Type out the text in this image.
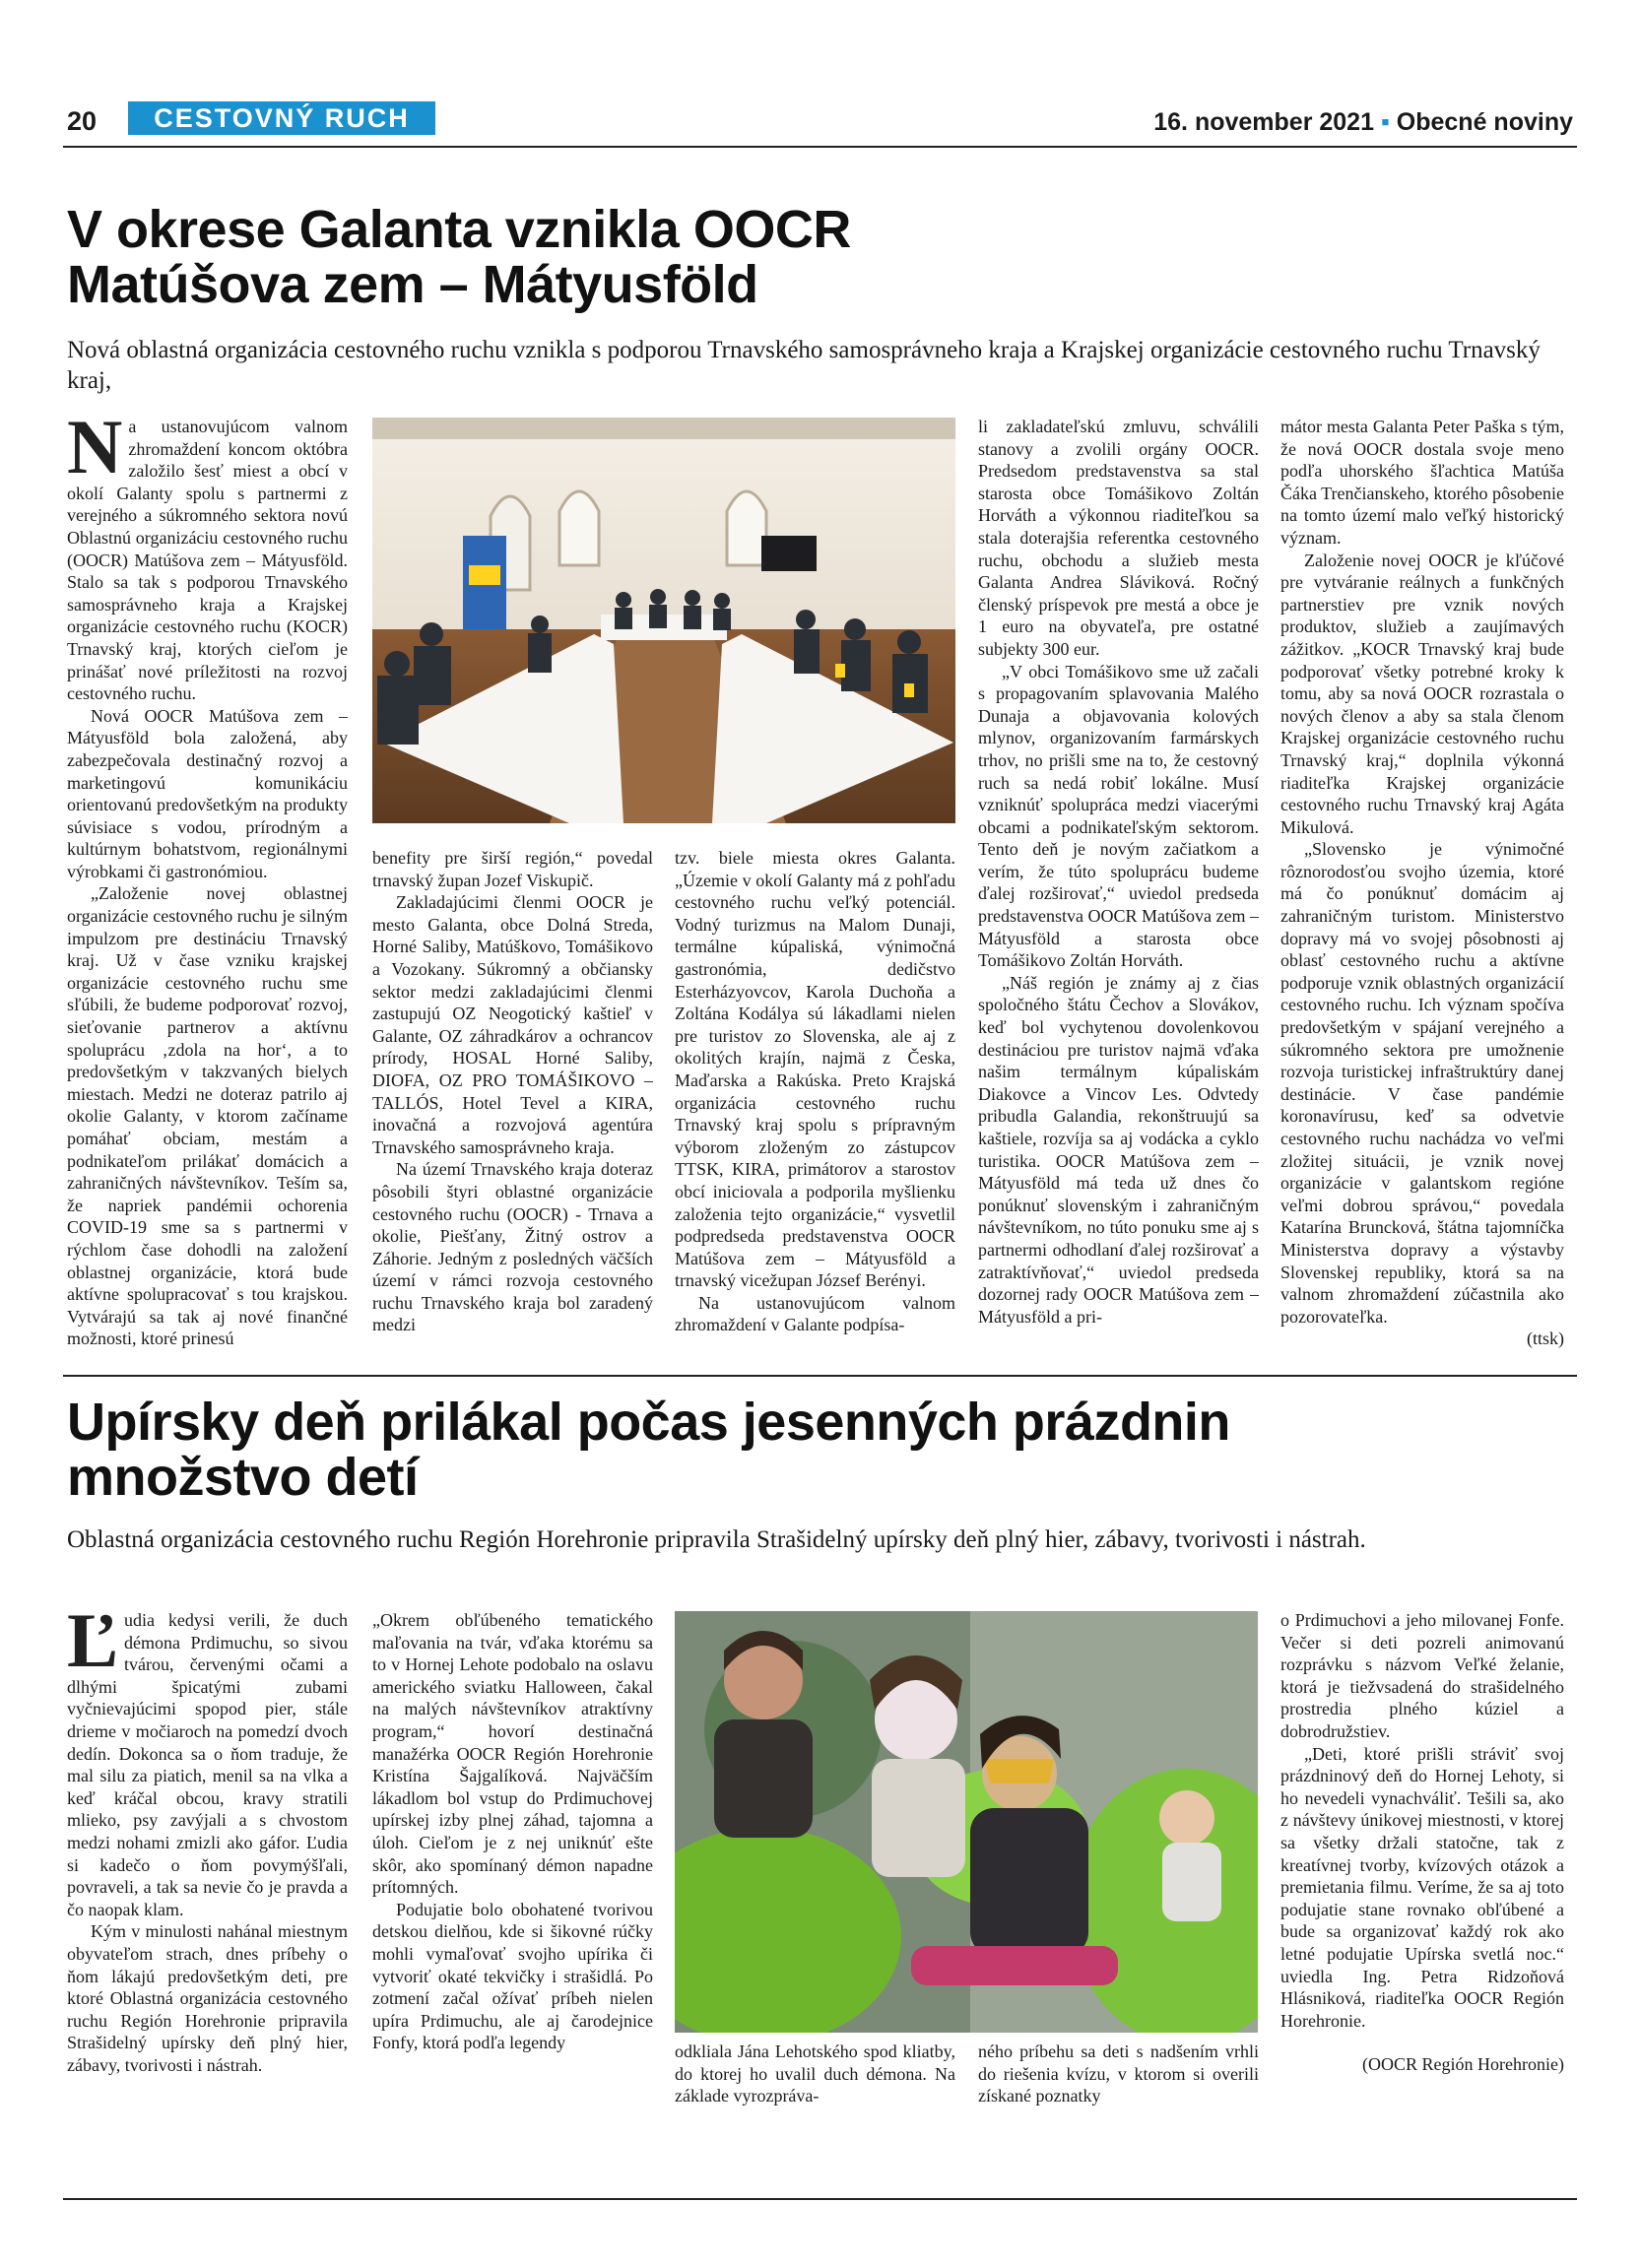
20	CESTOVNÝ RUCH	16. november 2021 ▪ Obecné noviny
V okrese Galanta vznikla OOCR
Matúšova zem – Mátyusföld

Nová oblastná organizácia cestovného ruchu vznikla s podporou Trnavského samosprávneho kraja a Krajskej organizácie cestovného ruchu Trnavský kraj,

Na ustanovujúcom valnom zhromaždení koncom októbra založilo šesť miest a obcí v okolí Galanty spolu s partnermi z verejného a súkromného sektora novú Oblastnú organizáciu cestovného ruchu (OOCR) Matúšova zem – Mátyusföld. Stalo sa tak s podporou Trnavského samosprávneho kraja a Krajskej organizácie cestovného ruchu (KOCR) Trnavský kraj, ktorých cieľom je prinášať nové príležitosti na rozvoj cestovného ruchu.

Nová OOCR Matúšova zem – Mátyusföld bola založená, aby zabezpečovala destinačný rozvoj a marketingovú komunikáciu orientovanú predovšetkým na produkty súvisiace s vodou, prírodným a kultúrnym bohatstvom, regionálnymi výrobkami či gastronómiou.

„Založenie novej oblastnej organizácie cestovného ruchu je silným impulzom pre destináciu Trnavský kraj. Už v čase vzniku krajskej organizácie cestovného ruchu sme sľúbili, že budeme podporovať rozvoj, sieťovanie partnerov a aktívnu spoluprácu ‚zdola na hor‘, a to predovšetkým v takzvaných bielych miestach. Medzi ne doteraz patrilo aj okolie Galanty, v ktorom začíname pomáhať obciam, mestám a podnikateľom prilákať domácich a zahraničných návštevníkov. Teším sa, že napriek pandémii ochorenia COVID-19 sme sa s partnermi v rýchlom čase dohodli na založení oblastnej organizácie, ktorá bude aktívne spolupracovať s tou krajskou. Vytvárajú sa tak aj nové finančné možnosti, ktoré prinesú

benefity pre širší región,“ povedal trnavský župan Jozef Viskupič.

Zakladajúcimi členmi OOCR je mesto Galanta, obce Dolná Streda, Horné Saliby, Matúškovo, Tomášikovo a Vozokany. Súkromný a občiansky sektor medzi zakladajúcimi členmi zastupujú OZ Neogotický kaštieľ v Galante, OZ záhradkárov a ochrancov prírody, HOSAL Horné Saliby, DIOFA, OZ PRO TOMÁŠIKOVO – TALLÓS, Hotel Tevel a KIRA, inovačná a rozvojová agentúra Trnavského samosprávneho kraja.

Na území Trnavského kraja doteraz pôsobili štyri oblastné organizácie cestovného ruchu (OOCR) - Trnava a okolie, Piešťany, Žitný ostrov a Záhorie. Jedným z posledných väčších území v rámci rozvoja cestovného ruchu Trnavského kraja bol zaradený medzi

tzv. biele miesta okres Galanta. „Územie v okolí Galanty má z pohľadu cestovného ruchu veľký potenciál. Vodný turizmus na Malom Dunaji, termálne kúpaliská, výnimočná gastronómia, dedičstvo Esterházyovcov, Karola Duchoňa a Zoltána Kodálya sú lákadlami nielen pre turistov zo Slovenska, ale aj z okolitých krajín, najmä z Česka, Maďarska a Rakúska. Preto Krajská organizácia cestovného ruchu Trnavský kraj spolu s prípravným výborom zloženým zo zástupcov TTSK, KIRA, primátorov a starostov obcí iniciovala a podporila myšlienku založenia tejto organizácie,“ vysvetlil podpredseda predstavenstva OOCR Matúšova zem – Mátyusföld a trnavský vicežupan József Berényi.

Na ustanovujúcom valnom zhromaždení v Galante podpísa-

li zakladateľskú zmluvu, schválili stanovy a zvolili orgány OOCR. Predsedom predstavenstva sa stal starosta obce Tomášikovo Zoltán Horváth a výkonnou riaditeľkou sa stala doterajšia referentka cestovného ruchu, obchodu a služieb mesta Galanta Andrea Sláviková. Ročný členský príspevok pre mestá a obce je 1 euro na obyvateľa, pre ostatné subjekty 300 eur.

„V obci Tomášikovo sme už začali s propagovaním splavovania Malého Dunaja a objavovania kolových mlynov, organizovaním farmárskych trhov, no prišli sme na to, že cestovný ruch sa nedá robiť lokálne. Musí vzniknúť spolupráca medzi viacerými obcami a podnikateľským sektorom. Tento deň je novým začiatkom a verím, že túto spoluprácu budeme ďalej rozširovať,“ uviedol predseda predstavenstva OOCR Matúšova zem – Mátyusföld a starosta obce Tomášikovo Zoltán Horváth.

„Náš región je známy aj z čias spoločného štátu Čechov a Slovákov, keď bol vychytenou dovolenkovou destináciou pre turistov najmä vďaka našim termálnym kúpaliskám Diakovce a Vincov Les. Odvtedy pribudla Galandia, rekonštruujú sa kaštiele, rozvíja sa aj vodácka a cyklo turistika. OOCR Matúšova zem – Mátyusföld má teda už dnes čo ponúknuť slovenským i zahraničným návštevníkom, no túto ponuku sme aj s partnermi odhodlaní ďalej rozširovať a zatraktívňovať,“ uviedol predseda dozornej rady OOCR Matúšova zem – Mátyusföld a pri-

mátor mesta Galanta Peter Paška s tým, že nová OOCR dostala svoje meno podľa uhorského šľachtica Matúša Čáka Trenčianskeho, ktorého pôsobenie na tomto území malo veľký historický význam.

Založenie novej OOCR je kľúčové pre vytváranie reálnych a funkčných partnerstiev pre vznik nových produktov, služieb a zaujímavých zážitkov. „KOCR Trnavský kraj bude podporovať všetky potrebné kroky k tomu, aby sa nová OOCR rozrastala o nových členov a aby sa stala členom Krajskej organizácie cestovného ruchu Trnavský kraj,“ doplnila výkonná riaditeľka Krajskej organizácie cestovného ruchu Trnavský kraj Agáta Mikulová.

„Slovensko je výnimočné rôznorodosťou svojho územia, ktoré má čo ponúknuť domácim aj zahraničným turistom. Ministerstvo dopravy má vo svojej pôsobnosti aj oblasť cestovného ruchu a aktívne podporuje vznik oblastných organizácií cestovného ruchu. Ich význam spočíva predovšetkým v spájaní verejného a súkromného sektora pre umožnenie rozvoja turistickej infraštruktúry danej destinácie. V čase pandémie koronavírusu, keď sa odvetvie cestovného ruchu nachádza vo veľmi zložitej situácii, je vznik novej organizácie v galantskom regióne veľmi dobrou správou,“ povedala Katarína Bruncková, štátna tajomníčka Ministerstva dopravy a výstavby Slovenskej republiky, ktorá sa na valnom zhromaždení zúčastnila ako pozorovateľka.

(ttsk)

Upírsky deň prilákal počas jesenných prázdnin
množstvo detí

Oblastná organizácia cestovného ruchu Región Horehronie pripravila Strašidelný upírsky deň plný hier, zábavy, tvorivosti i nástrah.

Ľudia kedysi verili, že duch démona Prdimuchu, so sivou tvárou, červenými očami a dlhými špicatými zubami vyčnievajúcimi spopod pier, stále drieme v močiaroch na pomedzí dvoch dedín. Dokonca sa o ňom traduje, že mal silu za piatich, menil sa na vlka a keď kráčal obcou, kravy stratili mlieko, psy zavýjali a s chvostom medzi nohami zmizli ako gáfor. Ľudia si kadečo o ňom povymýšľali, povraveli, a tak sa nevie čo je pravda a čo naopak klam.

Kým v minulosti nahánal miestnym obyvateľom strach, dnes príbehy o ňom lákajú predovšetkým deti, pre ktoré Oblastná organizácia cestovného ruchu Región Horehronie pripravila Strašidelný upírsky deň plný hier, zábavy, tvorivosti i nástrah.

„Okrem obľúbeného tematického maľovania na tvár, vďaka ktorému sa to v Hornej Lehote podobalo na oslavu amerického sviatku Halloween, čakal na malých návštevníkov atraktívny program,“ hovorí destinačná manažérka OOCR Región Horehronie Kristína Šajgalíková. Najväčším lákadlom bol vstup do Prdimuchovej upírskej izby plnej záhad, tajomna a úloh. Cieľom je z nej uniknúť ešte skôr, ako spomínaný démon napadne prítomných.

Podujatie bolo obohatené tvorivou detskou dielňou, kde si šikovné rúčky mohli vymaľovať svojho upírika či vytvoriť okaté tekvičky i strašidlá. Po zotmení začal ožívať príbeh nielen upíra Prdimuchu, ale aj čarodejnice Fonfy, ktorá podľa legendy	odkliala Jána Lehotského spod kliatby, do ktorej ho uvalil duch démona. Na základe vyrozpráva-

ného príbehu sa deti s nadšením vrhli do riešenia kvízu, v ktorom si overili získané poznatky

o Prdimuchovi a jeho milovanej Fonfe. Večer si deti pozreli animovanú rozprávku s názvom Veľké želanie, ktorá je tiežvsadená do strašidelného prostredia plného kúziel a dobrodružstiev.

„Deti, ktoré prišli stráviť svoj prázdninový deň do Hornej Lehoty, si ho nevedeli vynachváliť. Tešili sa, ako z návštevy únikovej miestnosti, v ktorej sa všetky držali statočne, tak z kreatívnej tvorby, kvízových otázok a premietania filmu. Veríme, že sa aj toto podujatie stane rovnako obľúbené a bude sa organizovať každý rok ako letné podujatie Upírska svetlá noc.“ uviedla Ing. Petra Ridzoňová Hlásniková, riaditeľka OOCR Región Horehronie.

(OOCR Región Horehronie)
